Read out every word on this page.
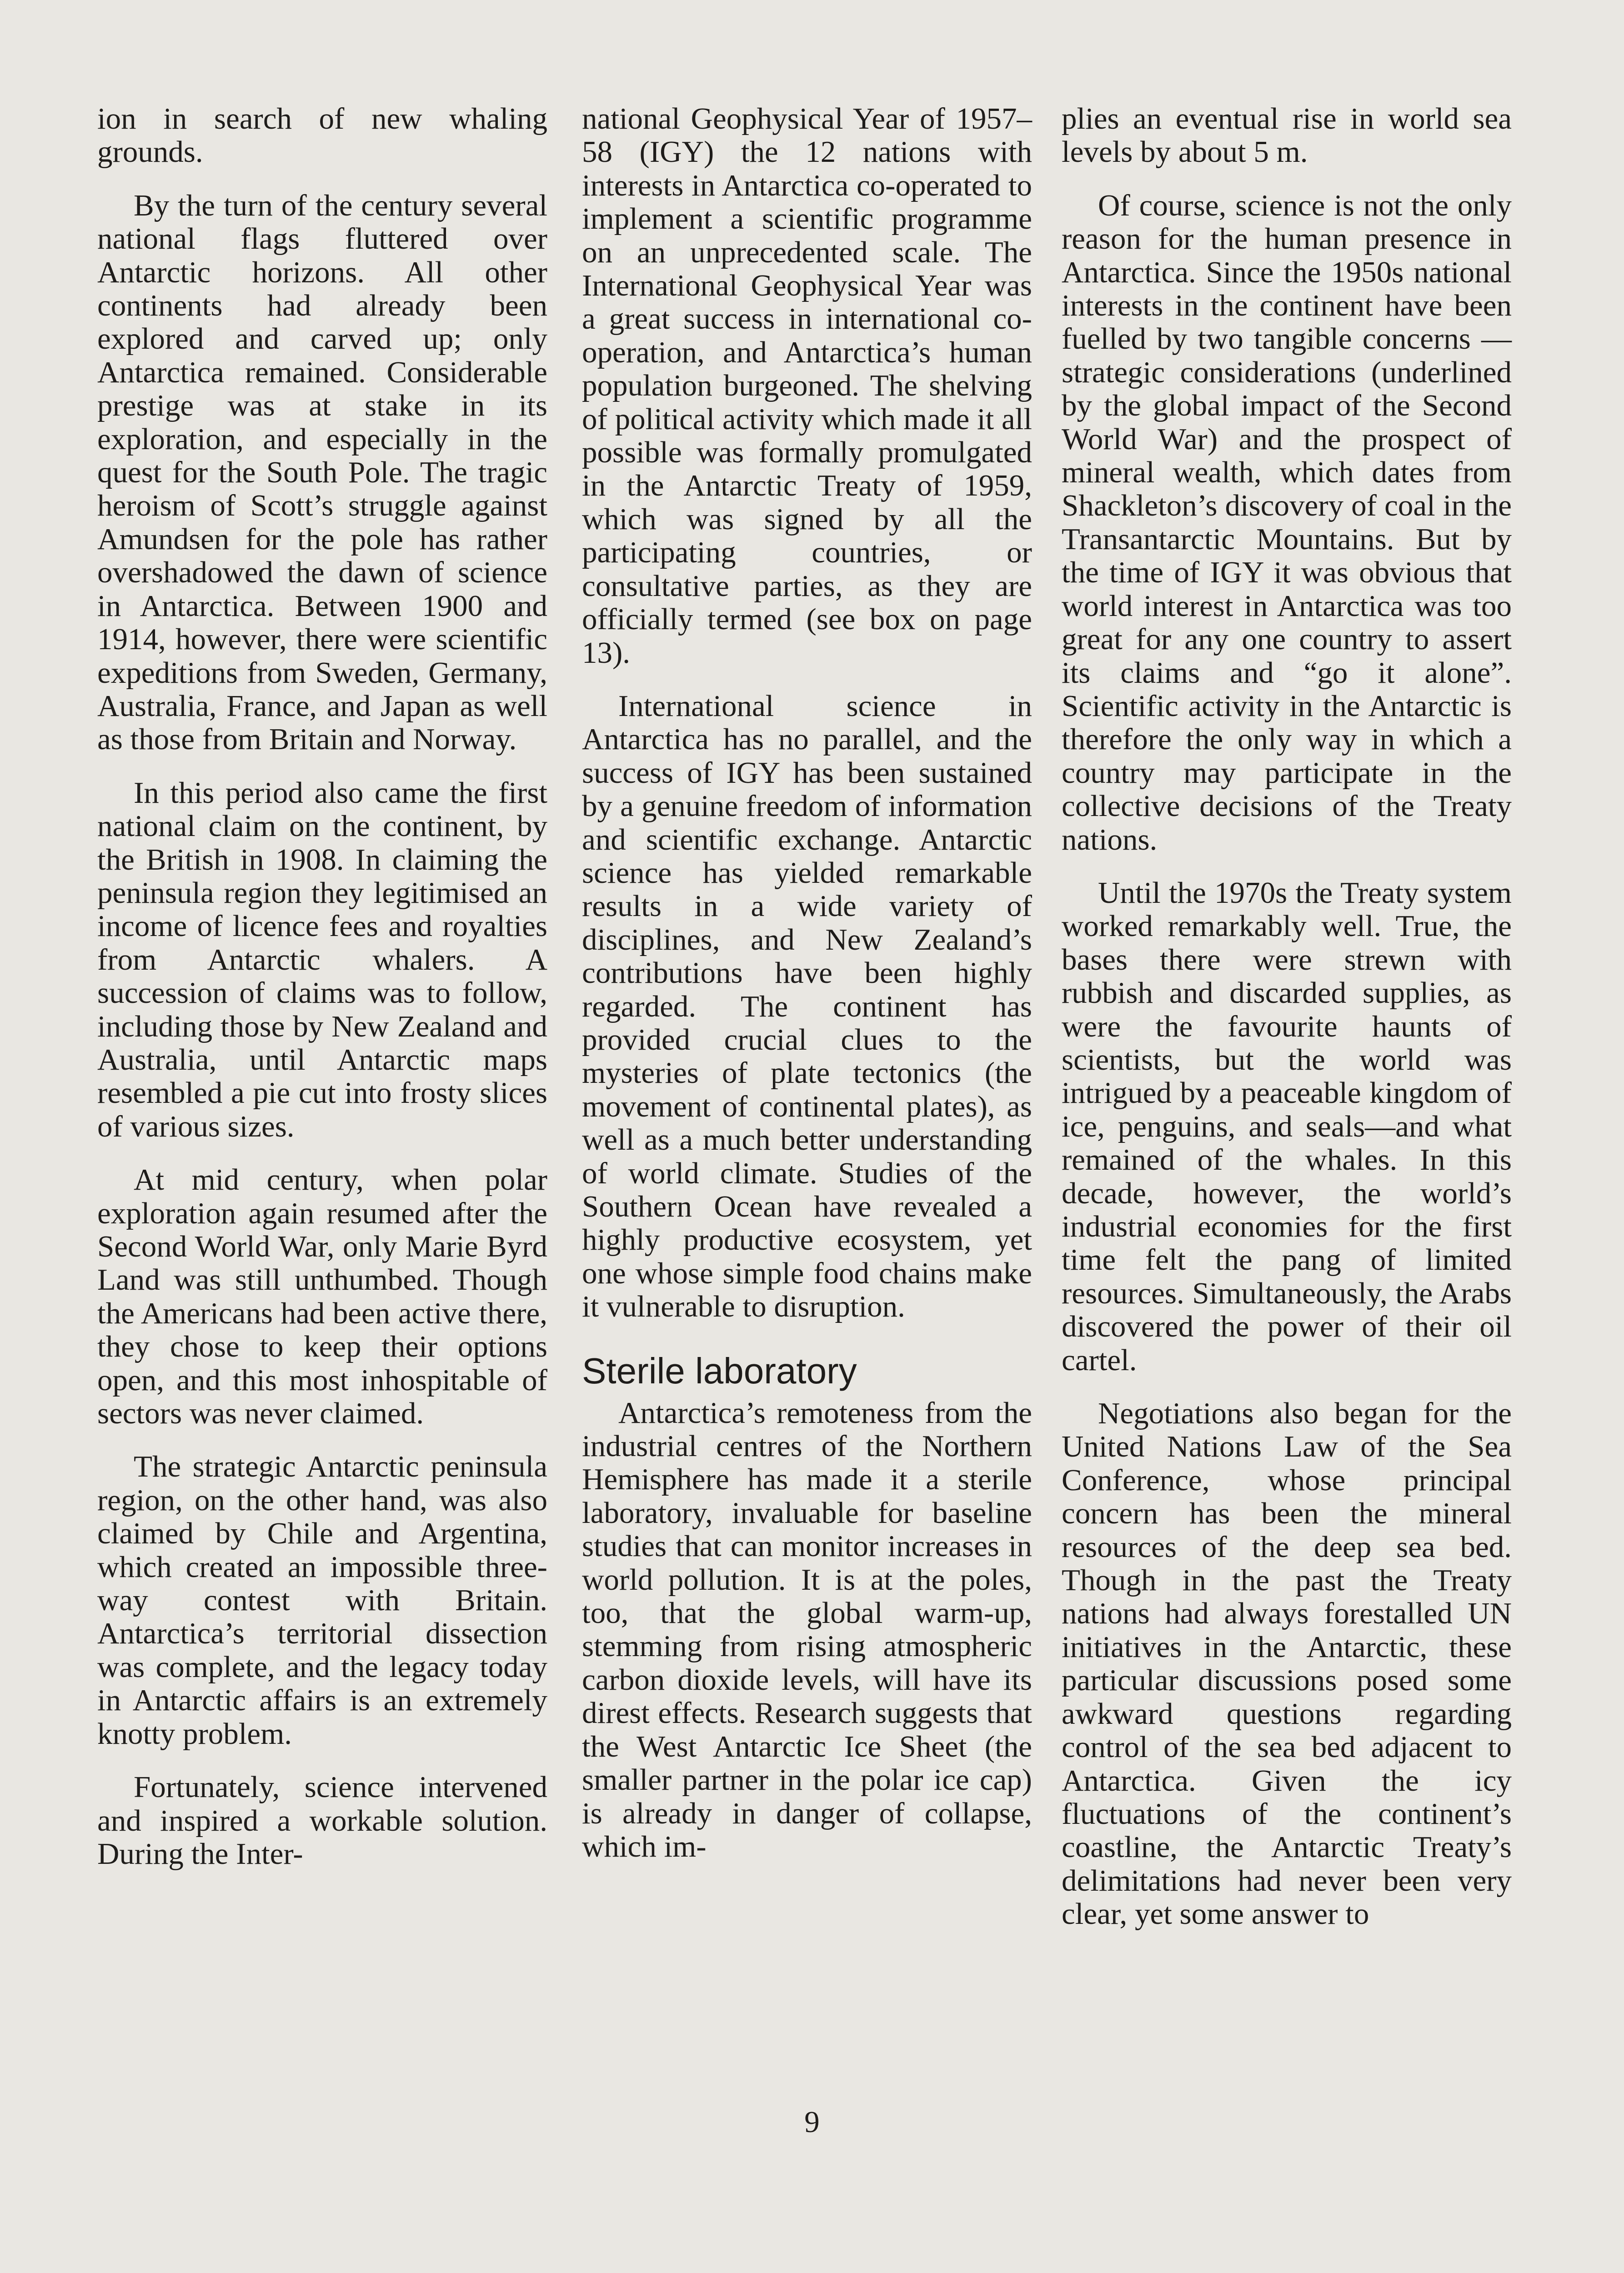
ion in search of new whaling grounds.

By the turn of the century several national flags fluttered over Antarctic horizons. All other continents had already been explored and carved up; only Antarctica remained. Considerable prestige was at stake in its exploration, and especially in the quest for the South Pole. The tragic heroism of Scott’s struggle against Amundsen for the pole has rather overshadowed the dawn of science in Antarctica. Between 1900 and 1914, however, there were scientific expeditions from Sweden, Germany, Australia, France, and Japan as well as those from Britain and Norway.

In this period also came the first national claim on the continent, by the British in 1908. In claiming the peninsula region they legitimised an income of licence fees and royalties from Antarctic whalers. A succession of claims was to follow, including those by New Zealand and Australia, until Antarctic maps resembled a pie cut into frosty slices of various sizes.

At mid century, when polar exploration again resumed after the Second World War, only Marie Byrd Land was still unthumbed. Though the Americans had been active there, they chose to keep their options open, and this most inhospitable of sectors was never claimed.

The strategic Antarctic peninsula region, on the other hand, was also claimed by Chile and Argentina, which created an impossible three-way contest with Britain. Antarctica’s territorial dissection was complete, and the legacy today in Antarctic affairs is an extremely knotty problem.

Fortunately, science intervened and inspired a workable solution. During the Inter-

national Geophysical Year of 1957–58 (IGY) the 12 nations with interests in Antarctica co-operated to implement a scientific programme on an unprecedented scale. The International Geophysical Year was a great success in international co-operation, and Antarctica’s human population burgeoned. The shelving of political activity which made it all possible was formally promulgated in the Antarctic Treaty of 1959, which was signed by all the participating countries, or consultative parties, as they are officially termed (see box on page 13).

International science in Antarctica has no parallel, and the success of IGY has been sustained by a genuine freedom of information and scientific exchange. Antarctic science has yielded remarkable results in a wide variety of disciplines, and New Zealand’s contributions have been highly regarded. The continent has provided crucial clues to the mysteries of plate tectonics (the movement of continental plates), as well as a much better understanding of world climate. Studies of the Southern Ocean have revealed a highly productive ecosystem, yet one whose simple food chains make it vulnerable to disruption.

Sterile laboratory

Antarctica’s remoteness from the industrial centres of the Northern Hemisphere has made it a sterile laboratory, invaluable for baseline studies that can monitor increases in world pollution. It is at the poles, too, that the global warm-up, stemming from rising atmospheric carbon dioxide levels, will have its direst effects. Research suggests that the West Antarctic Ice Sheet (the smaller partner in the polar ice cap) is already in danger of collapse, which im-

plies an eventual rise in world sea levels by about 5 m.

Of course, science is not the only reason for the human presence in Antarctica. Since the 1950s national interests in the continent have been fuelled by two tangible concerns — strategic considerations (underlined by the global impact of the Second World War) and the prospect of mineral wealth, which dates from Shackleton’s discovery of coal in the Transantarctic Mountains. But by the time of IGY it was obvious that world interest in Antarctica was too great for any one country to assert its claims and “go it alone”. Scientific activity in the Antarctic is therefore the only way in which a country may participate in the collective decisions of the Treaty nations.

Until the 1970s the Treaty system worked remarkably well. True, the bases there were strewn with rubbish and discarded supplies, as were the favourite haunts of scientists, but the world was intrigued by a peaceable kingdom of ice, penguins, and seals—and what remained of the whales. In this decade, however, the world’s industrial economies for the first time felt the pang of limited resources. Simultaneously, the Arabs discovered the power of their oil cartel.

Negotiations also began for the United Nations Law of the Sea Conference, whose principal concern has been the mineral resources of the deep sea bed. Though in the past the Treaty nations had always forestalled UN initiatives in the Antarctic, these particular discussions posed some awkward questions regarding control of the sea bed adjacent to Antarctica. Given the icy fluctuations of the continent’s coastline, the Antarctic Treaty’s delimitations had never been very clear, yet some answer to

9
